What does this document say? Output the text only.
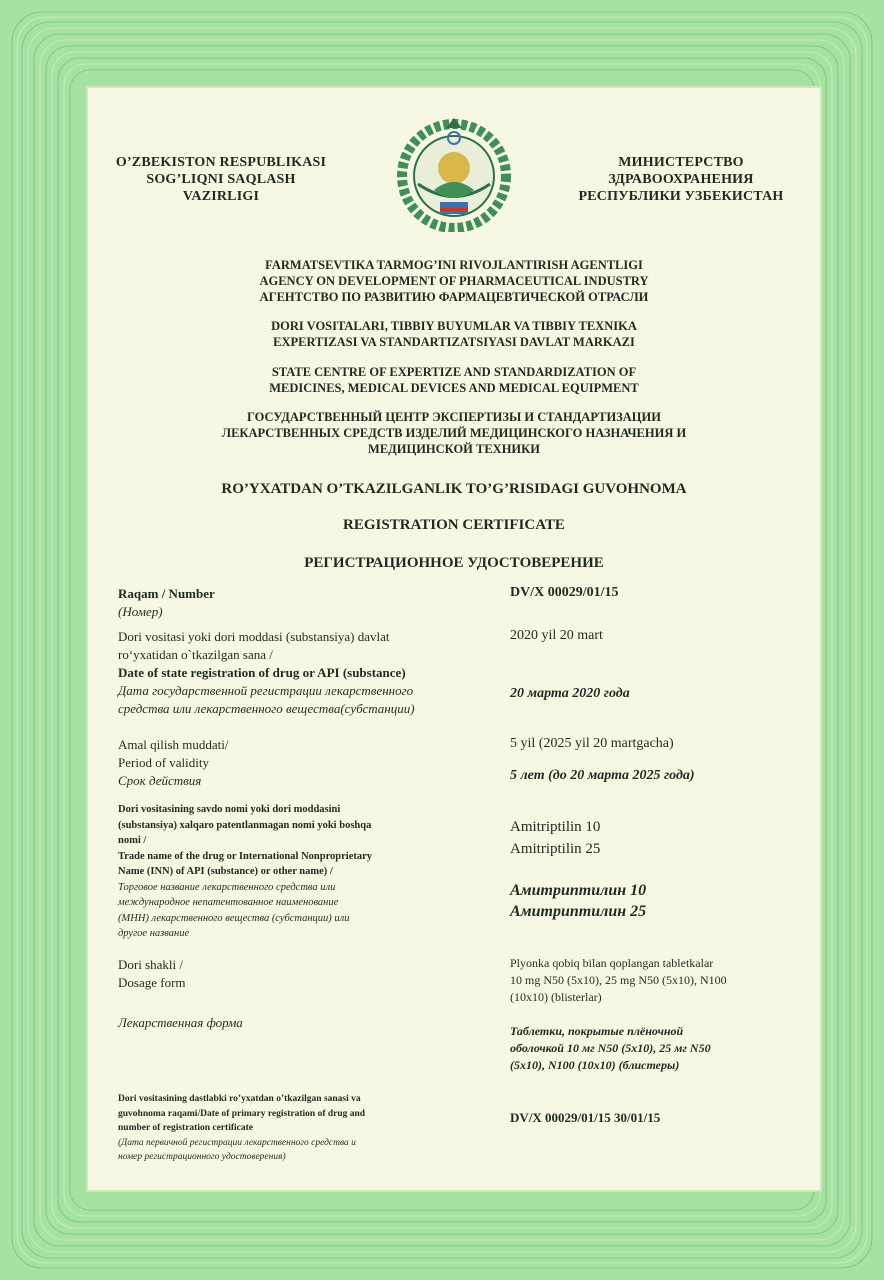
O’ZBEKISTON RESPUBLIKASI
SOG’LIQNI SAQLASH
VAZIRLIGI
МИНИСТЕРСТВО
ЗДРАВООХРАНЕНИЯ
РЕСПУБЛИКИ УЗБЕКИСТАН
FARMATSEVTIKA TARMOG’INI RIVOJLANTIRISH AGENTLIGI
AGENCY ON DEVELOPMENT OF PHARMACEUTICAL INDUSTRY
АГЕНТСТВО ПО РАЗВИТИЮ ФАРМАЦЕВТИЧЕСКОЙ ОТРАСЛИ
DORI VOSITALARI, TIBBIY BUYUMLAR VA TIBBIY TEXNIKA
EXPERTIZASI VA STANDARTIZATSIYASI DAVLAT MARKAZI
STATE CENTRE OF EXPERTIZE AND STANDARDIZATION OF
MEDICINES, MEDICAL DEVICES AND MEDICAL EQUIPMENT
ГОСУДАРСТВЕННЫЙ ЦЕНТР ЭКСПЕРТИЗЫ И СТАНДАРТИЗАЦИИ
ЛЕКАРСТВЕННЫХ СРЕДСТВ ИЗДЕЛИЙ МЕДИЦИНСКОГО НАЗНАЧЕНИЯ И
МЕДИЦИНСКОЙ ТЕХНИКИ
RO’YXATDAN O’TKAZILGANLIK TO’G’RISIDAGI GUVOHNOMA
REGISTRATION CERTIFICATE
РЕГИСТРАЦИОННОЕ УДОСТОВЕРЕНИЕ
Raqam / Number
(Номер)
DV/X 00029/01/15
Dori vositasi yoki dori moddasi (substansiya) davlat
ro‘yxatidan o`tkazilgan sana /
Date of state registration of drug or API (substance)
Дата государственной регистрации лекарственного
средства или лекарственного вещества(субстанции)
2020 yil 20 mart
20 марта 2020 года
Amal qilish muddati/
Period of validity
Срок действия
5 yil (2025 yil 20 martgacha)
5 лет (до 20 марта 2025 года)
Dori vositasining savdo nomi yoki dori moddasini
(substansiya) xalqaro patentlanmagan nomi yoki boshqa
nomi /
Trade name of the drug or International Nonproprietary
Name (INN) of API (substance) or other name) /
Торговое название лекарственного средства или
международное непатентованное наименование
(МНН) лекарственного вещества (субстанции) или
другое название
Amitriptilin 10
Amitriptilin 25
Амитриптилин 10
Амитриптилин 25
Dori shakli /
Dosage form
Лекарственная форма
Plyonka qobiq bilan qoplangan tabletkalar
10 mg N50 (5x10), 25 mg N50 (5x10), N100
(10x10) (blisterlar)
Таблетки, покрытые плёночной
оболочкой 10 мг N50 (5x10), 25 мг N50
(5x10), N100 (10x10) (блистеры)
Dori vositasining dastlabki ro’yxatdan o’tkazilgan sanasi va
guvohnoma raqami/Date of primary registration of drug and
number of registration certificate
(Дата первичной регистрации лекарственного средства и
номер регистрационного удостоверения)
DV/X 00029/01/15 30/01/15
